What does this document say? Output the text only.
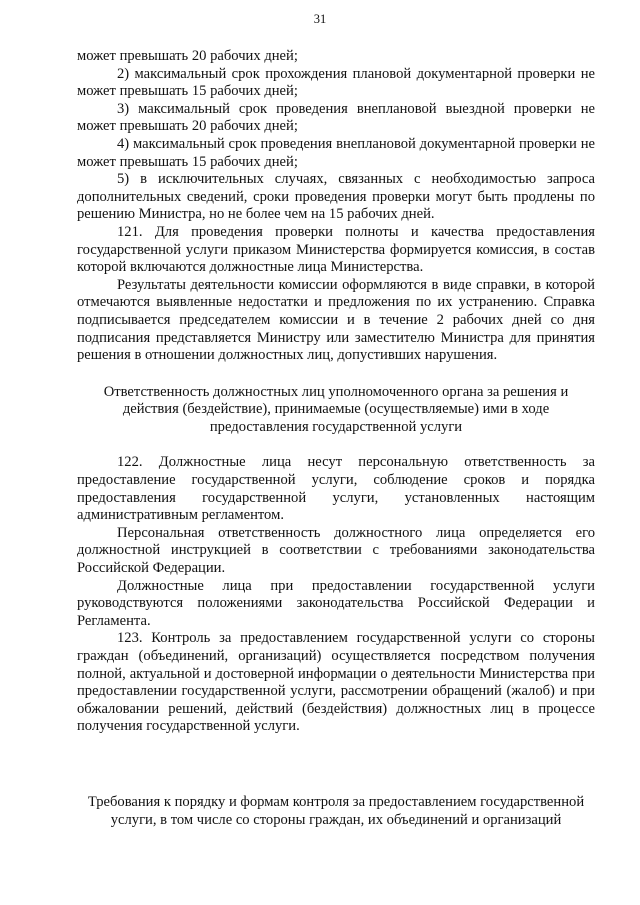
31

может превышать 20 рабочих дней;

2) максимальный срок прохождения плановой документарной проверки не может превышать 15 рабочих дней;

3) максимальный срок проведения внеплановой выездной проверки не может превышать 20 рабочих дней;

4) максимальный срок проведения внеплановой документарной проверки не может превышать 15 рабочих дней;

5) в исключительных случаях, связанных с необходимостью запроса дополнительных сведений, сроки проведения проверки могут быть продлены по решению Министра, но не более чем на 15 рабочих дней.

121. Для проведения проверки полноты и качества предоставления государственной услуги приказом Министерства формируется комиссия, в состав которой включаются должностные лица Министерства.

Результаты деятельности комиссии оформляются в виде справки, в которой отмечаются выявленные недостатки и предложения по их устранению. Справка подписывается председателем комиссии и в течение 2 рабочих дней со дня подписания представляется Министру или заместителю Министра для принятия решения в отношении должностных лиц, допустивших нарушения.

Ответственность должностных лиц уполномоченного органа за решения и действия (бездействие), принимаемые (осуществляемые) ими в ходе предоставления государственной услуги

122. Должностные лица несут персональную ответственность за предоставление государственной услуги, соблюдение сроков и порядка предоставления государственной услуги, установленных настоящим административным регламентом.

Персональная ответственность должностного лица определяется его должностной инструкцией в соответствии с требованиями законодательства Российской Федерации.

Должностные лица при предоставлении государственной услуги руководствуются положениями законодательства Российской Федерации и Регламента.

123. Контроль за предоставлением государственной услуги со стороны граждан (объединений, организаций) осуществляется посредством получения полной, актуальной и достоверной информации о деятельности Министерства при предоставлении государственной услуги, рассмотрении обращений (жалоб) и при обжаловании решений, действий (бездействия) должностных лиц в процессе получения государственной услуги.

Требования к порядку и формам контроля за предоставлением государственной услуги, в том числе со стороны граждан, их объединений и организаций
